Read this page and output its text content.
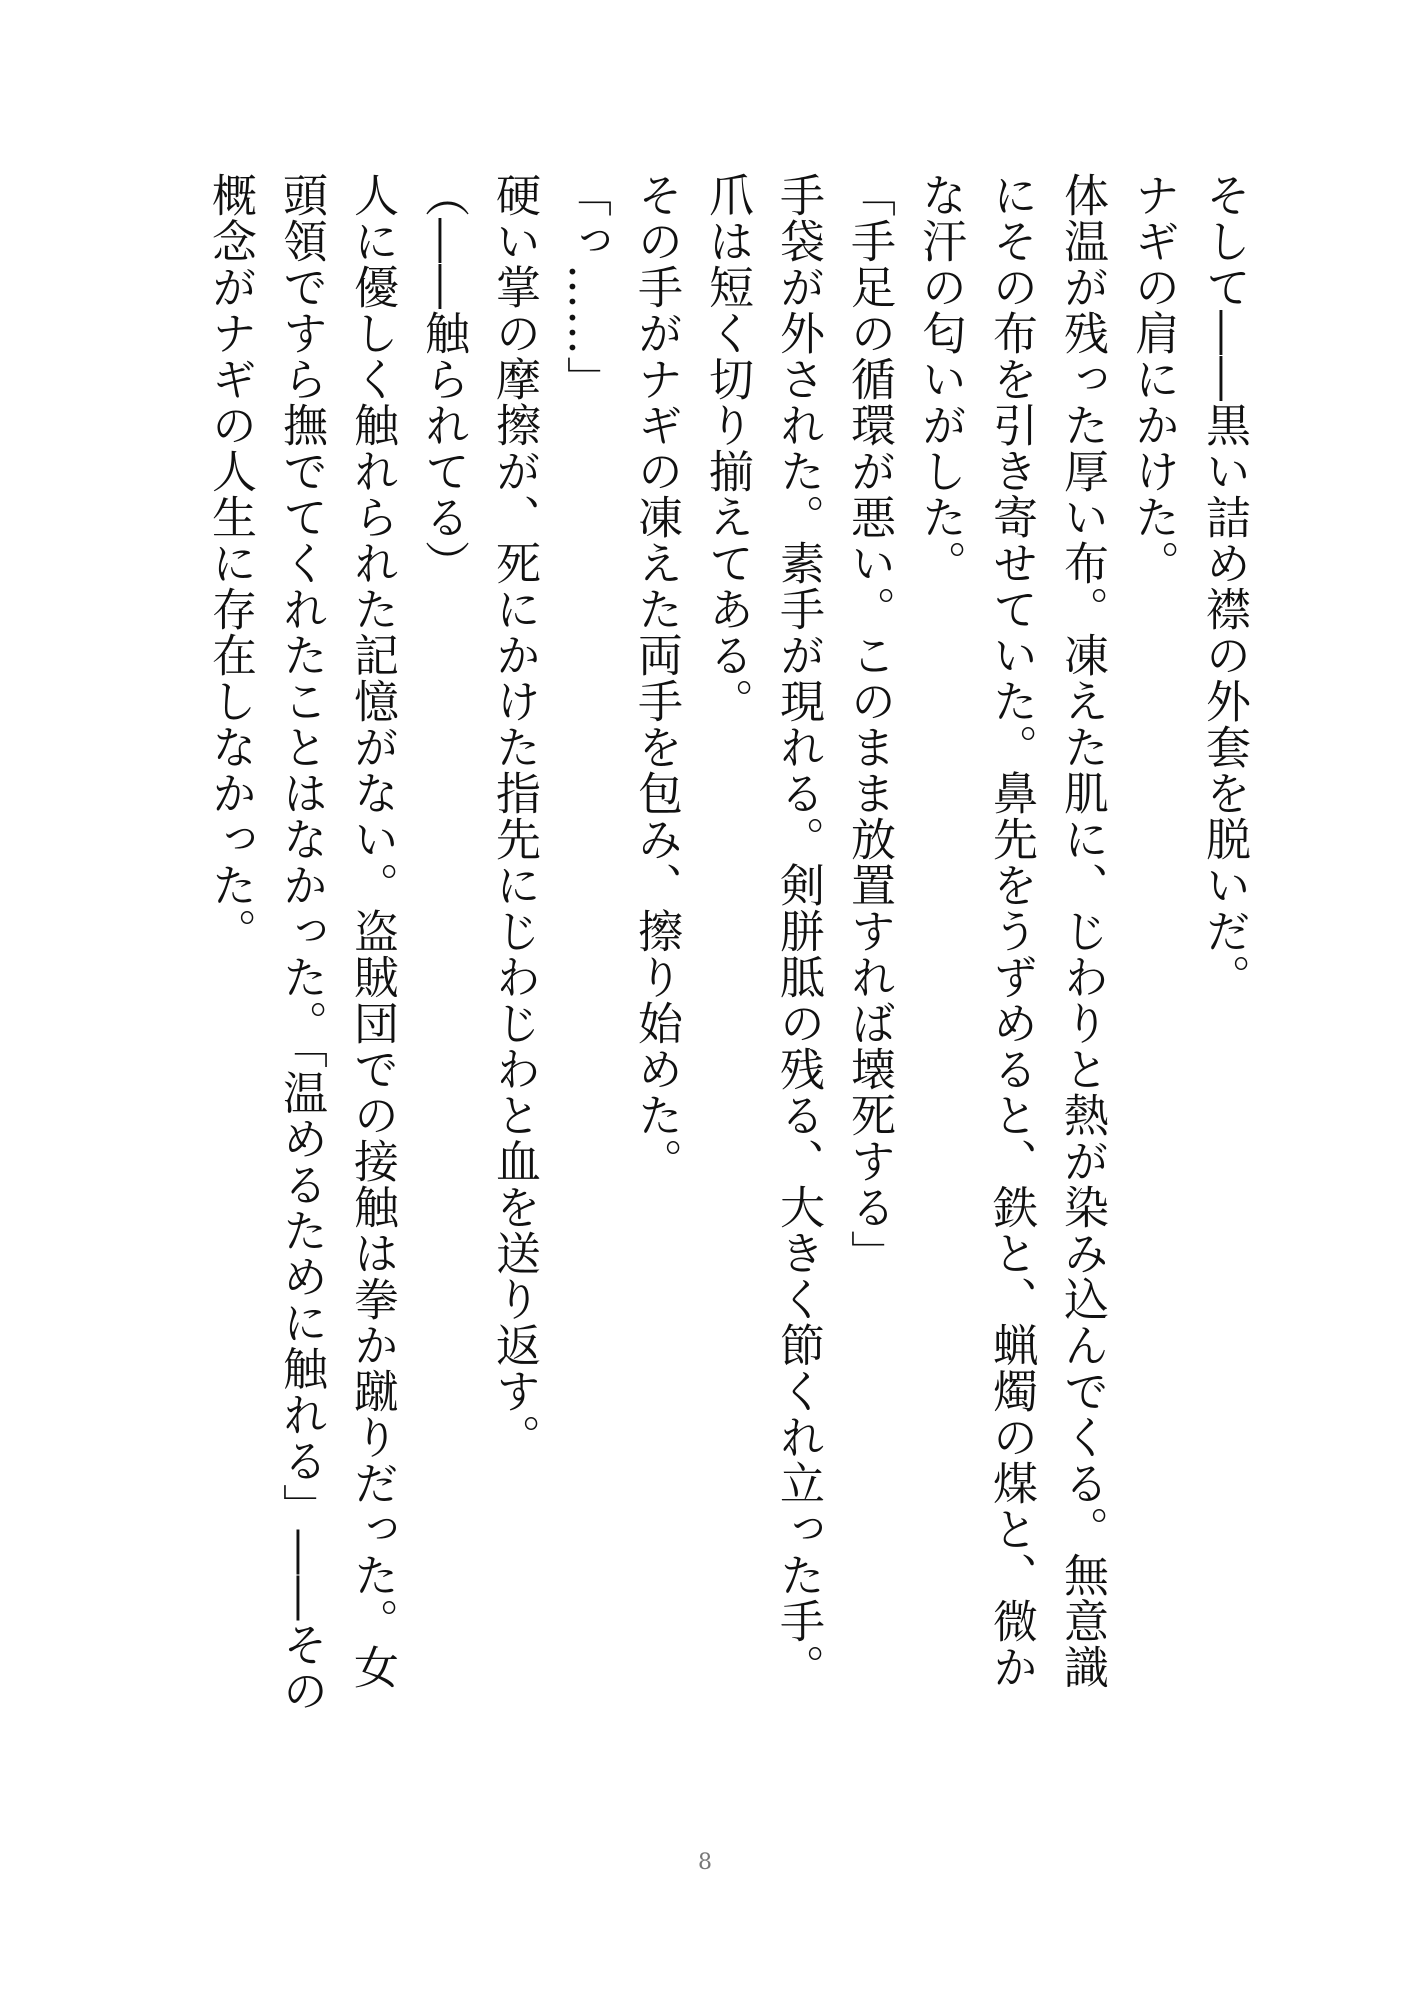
そして――黒い詰め襟の外套を脱いだ。

ナギの肩にかけた。

体温が残った厚い布。凍えた肌に、じわりと熱が染み込んでくる。無意識にその布を引き寄せていた。鼻先をうずめると、鉄と、蝋燭の煤と、微かな汗の匂いがした。

「手足の循環が悪い。このまま放置すれば壊死する」

手袋が外された。素手が現れる。剣胼胝の残る、大きく節くれ立った手。爪は短く切り揃えてある。

その手がナギの凍えた両手を包み、擦り始めた。

「っ……」

硬い掌の摩擦が、死にかけた指先にじわじわと血を送り返す。

（――触られてる）

人に優しく触れられた記憶がない。盗賊団での接触は拳か蹴りだった。女頭領ですら撫でてくれたことはなかった。「温めるために触れる」――その概念がナギの人生に存在しなかった。

8
